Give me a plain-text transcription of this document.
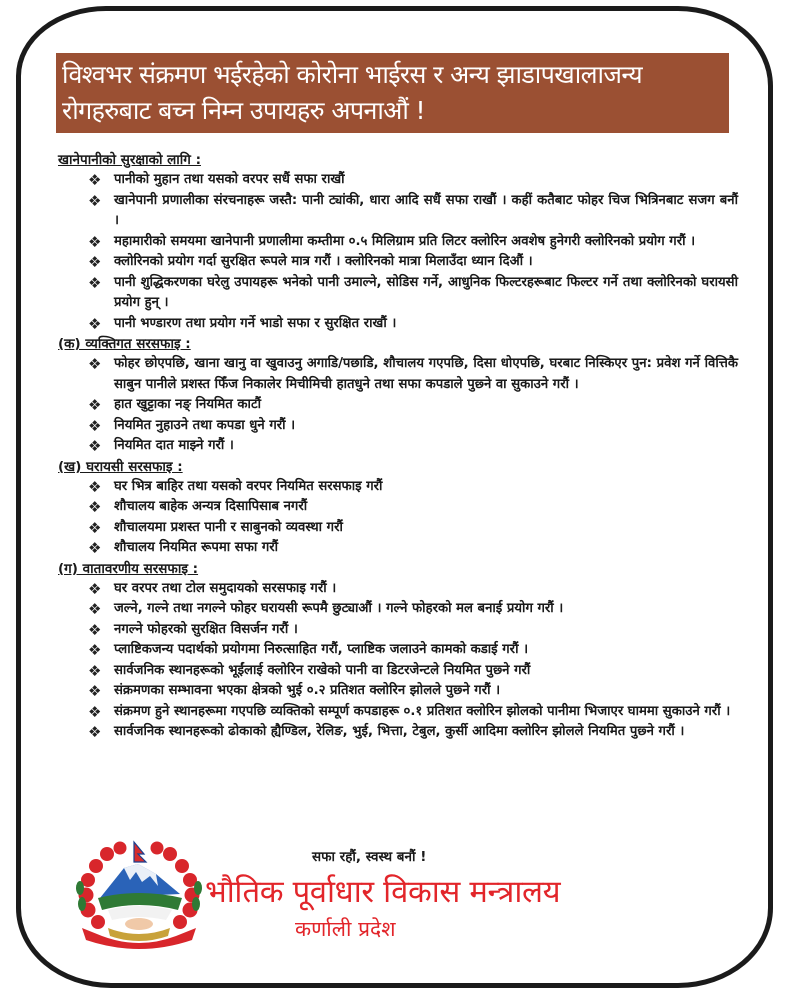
विश्वभर संक्रमण भईरहेको कोरोना भाईरस र अन्य झाडापखालाजन्य
रोगहरुबाट बच्न निम्न उपायहरु अपनाऔं !

खानेपानीको सुरक्षाको लागि :

❖ पानीको मुहान तथा यसको वरपर सधैं सफा राखौं
❖ खानेपानी प्रणालीका संरचनाहरू जस्तै: पानी ट्यांकी, धारा आदि सधैं सफा राखौं । कहीं कतैबाट फोहर चिज भित्रिनबाट सजग बनौं ।
❖ महामारीको समयमा खानेपानी प्रणालीमा कम्तीमा ०.५ मिलिग्राम प्रति लिटर क्लोरिन अवशेष हुनेगरी क्लोरिनको प्रयोग गरौं ।
❖ क्लोरिनको प्रयोग गर्दा सुरक्षित रूपले मात्र गरौं । क्लोरिनको मात्रा मिलाउँदा ध्यान दिऔं ।
❖ पानी शुद्धिकरणका घरेलु उपायहरू भनेको पानी उमाल्ने, सोडिस गर्ने, आधुनिक फिल्टरहरूबाट फिल्टर गर्ने तथा क्लोरिनको घरायसी प्रयोग हुन् ।
❖ पानी भण्डारण तथा प्रयोग गर्ने भाडो सफा र सुरक्षित राखौं ।

(क) व्यक्तिगत सरसफाइ :

❖ फोहर छोएपछि, खाना खानु वा खुवाउनु अगाडि/पछाडि, शौचालय गएपछि, दिसा धोएपछि, घरबाट निस्किएर पुन: प्रवेश गर्ने वित्तिकै साबुन पानीले प्रशस्त फिँज निकालेर मिचीमिची हातधुने तथा सफा कपडाले पुछ्ने वा सुकाउने गरौं ।
❖ हात खुट्टाका नङ् नियमित काटौं
❖ नियमित नुहाउने तथा कपडा धुने गरौं ।
❖ नियमित दात माझ्ने गरौं ।

(ख) घरायसी सरसफाइ :

❖ घर भित्र बाहिर तथा यसको वरपर नियमित सरसफाइ गरौं
❖ शौचालय बाहेक अन्यत्र दिसापिसाब नगरौं
❖ शौचालयमा प्रशस्त पानी र साबुनको व्यवस्था गरौं
❖ शौचालय नियमित रूपमा सफा गरौं

(ग) वातावरणीय सरसफाइ :

❖ घर वरपर तथा टोल समुदायको सरसफाइ गरौं ।
❖ जल्ने, गल्ने तथा नगल्ने फोहर घरायसी रूपमै छुट्याऔं । गल्ने फोहरको मल बनाई प्रयोग गरौं ।
❖ नगल्ने फोहरको सुरक्षित विसर्जन गरौं ।
❖ प्लाष्टिकजन्य पदार्थको प्रयोगमा निरुत्साहित गरौं, प्लाष्टिक जलाउने कामको कडाई गरौं ।
❖ सार्वजनिक स्थानहरूको भूईंलाई क्लोरिन राखेको पानी वा डिटरजेन्टले नियमित पुछ्ने गरौं
❖ संक्रमणका सम्भावना भएका क्षेत्रको भुई ०.२ प्रतिशत क्लोरिन झोलले पुछ्ने गरौं ।
❖ संक्रमण हुने स्थानहरूमा गएपछि व्यक्तिको सम्पूर्ण कपडाहरू ०.१ प्रतिशत क्लोरिन झोलको पानीमा भिजाएर घाममा सुकाउने गरौं ।
❖ सार्वजनिक स्थानहरूको ढोकाको ह्यैण्डिल, रेलिङ, भुई, भित्ता, टेबुल, कुर्सी आदिमा क्लोरिन झोलले नियमित पुछ्ने गरौं ।
सफा रहौं, स्वस्थ बनौं !
भौतिक पूर्वाधार विकास मन्त्रालय
कर्णाली प्रदेश
